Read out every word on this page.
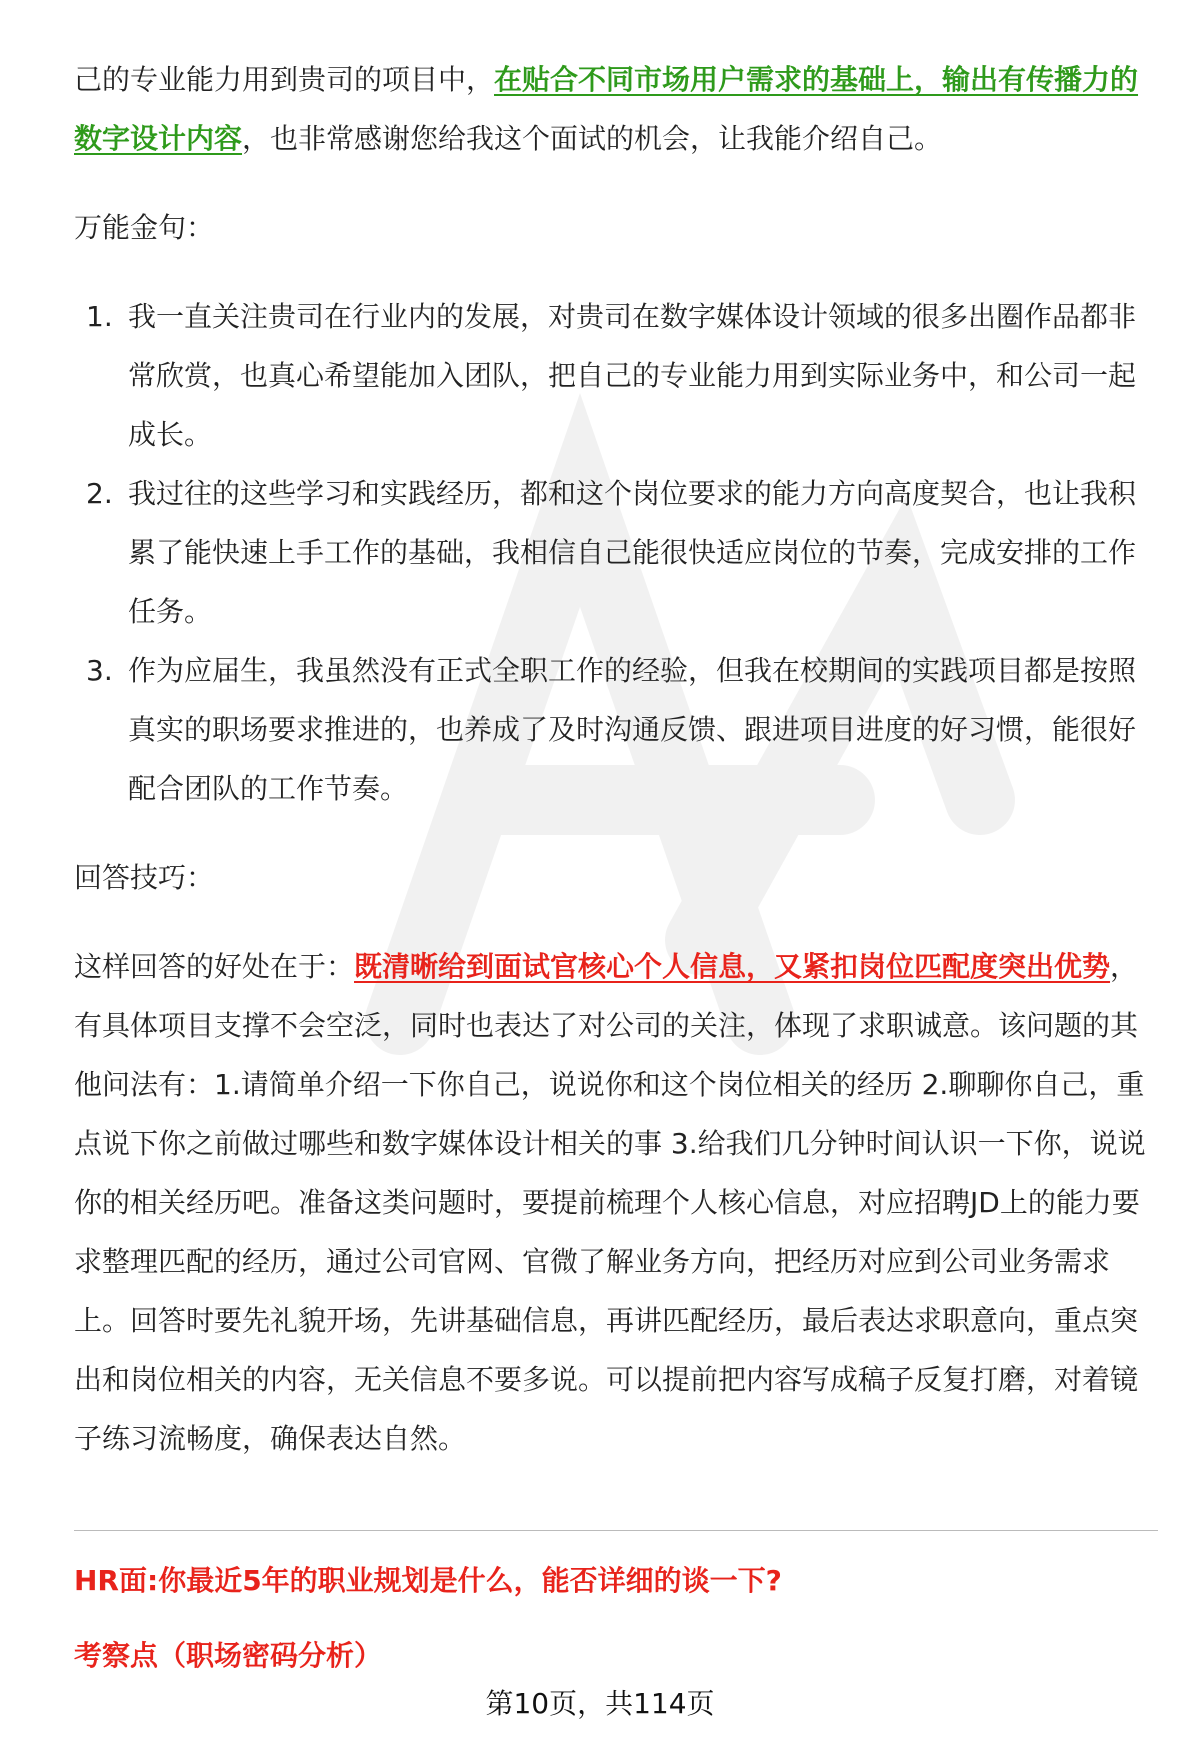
己的专业能力用到贵司的项目中，在贴合不同市场用户需求的基础上，输出有传播力的数字设计内容，也非常感谢您给我这个面试的机会，让我能介绍自己。

万能金句：

1. 我一直关注贵司在行业内的发展，对贵司在数字媒体设计领域的很多出圈作品都非常欣赏，也真心希望能加入团队，把自己的专业能力用到实际业务中，和公司一起成长。
2. 我过往的这些学习和实践经历，都和这个岗位要求的能力方向高度契合，也让我积累了能快速上手工作的基础，我相信自己能很快适应岗位的节奏，完成安排的工作任务。
3. 作为应届生，我虽然没有正式全职工作的经验，但我在校期间的实践项目都是按照真实的职场要求推进的，也养成了及时沟通反馈、跟进项目进度的好习惯，能很好配合团队的工作节奏。

回答技巧：

这样回答的好处在于：既清晰给到面试官核心个人信息，又紧扣岗位匹配度突出优势，有具体项目支撑不会空泛，同时也表达了对公司的关注，体现了求职诚意。该问题的其他问法有：1.请简单介绍一下你自己，说说你和这个岗位相关的经历 2.聊聊你自己，重点说下你之前做过哪些和数字媒体设计相关的事 3.给我们几分钟时间认识一下你，说说你的相关经历吧。准备这类问题时，要提前梳理个人核心信息，对应招聘JD上的能力要求整理匹配的经历，通过公司官网、官微了解业务方向，把经历对应到公司业务需求上。回答时要先礼貌开场，先讲基础信息，再讲匹配经历，最后表达求职意向，重点突出和岗位相关的内容，无关信息不要多说。可以提前把内容写成稿子反复打磨，对着镜子练习流畅度，确保表达自然。

HR面:你最近5年的职业规划是什么，能否详细的谈一下?
考察点（职场密码分析）
第10页，共114页
